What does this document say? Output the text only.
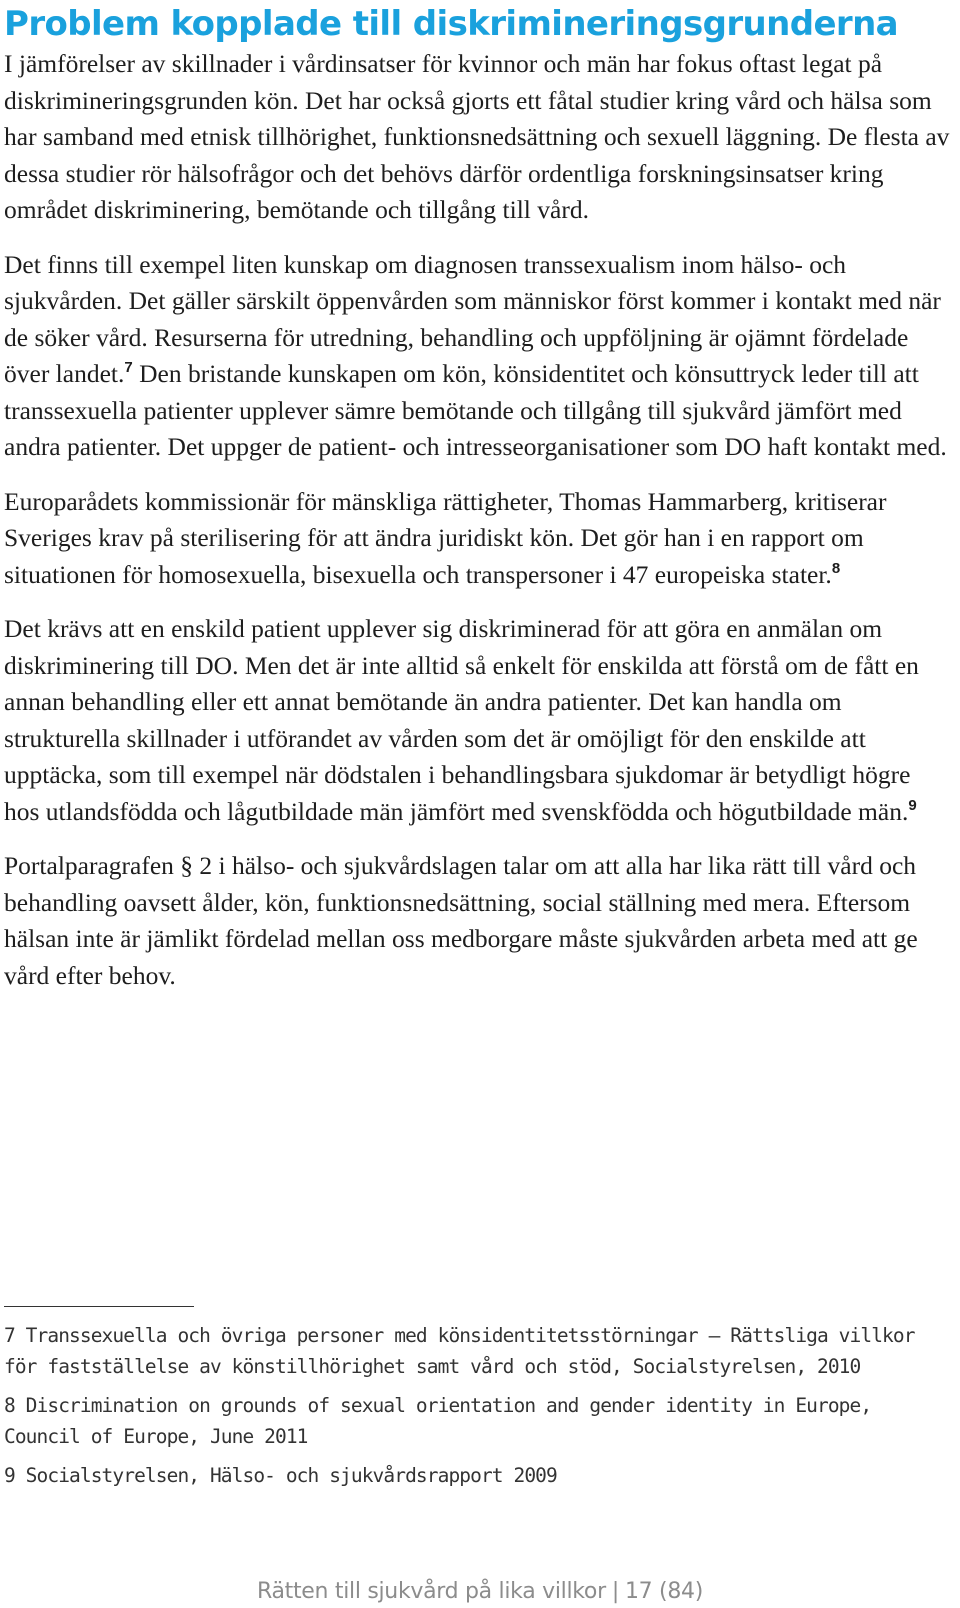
Problem kopplade till diskrimineringsgrunderna

I jämförelser av skillnader i vårdinsatser för kvinnor och män har fokus oftast legat på diskrimineringsgrunden kön. Det har också gjorts ett fåtal studier kring vård och hälsa som har samband med etnisk tillhörighet, funktionsnedsättning och sexuell läggning. De flesta av dessa studier rör hälsofrågor och det behövs därför ordentliga forskningsinsatser kring området diskriminering, bemötande och tillgång till vård.

Det finns till exempel liten kunskap om diagnosen transsexualism inom hälso- och sjukvården. Det gäller särskilt öppenvården som människor först kommer i kontakt med när de söker vård. Resurserna för utredning, behandling och uppföljning är ojämnt fördelade över landet.$^7$ Den bristande kunskapen om kön, könsidentitet och könsuttryck leder till att transsexuella patienter upplever sämre bemötande och tillgång till sjukvård jämfört med andra patienter. Det uppger de patient- och intresseorganisationer som DO haft kontakt med.

Europarådets kommissionär för mänskliga rättigheter, Thomas Hammarberg, kritiserar Sveriges krav på sterilisering för att ändra juridiskt kön. Det gör han i en rapport om situationen för homosexuella, bisexuella och transpersoner i 47 europeiska stater.$^8$

Det krävs att en enskild patient upplever sig diskriminerad för att göra en anmälan om diskriminering till DO. Men det är inte alltid så enkelt för enskilda att förstå om de fått en annan behandling eller ett annat bemötande än andra patienter. Det kan handla om strukturella skillnader i utförandet av vården som det är omöjligt för den enskilde att upptäcka, som till exempel när dödstalen i behandlingsbara sjukdomar är betydligt högre hos utlandsfödda och lågutbildade män jämfört med svenskfödda och högutbildade män.$^9$

Portalparagrafen § 2 i hälso- och sjukvårdslagen talar om att alla har lika rätt till vård och behandling oavsett ålder, kön, funktionsnedsättning, social ställning med mera. Eftersom hälsan inte är jämlikt fördelad mellan oss medborgare måste sjukvården arbeta med att ge vård efter behov.

7 Transsexuella och övriga personer med könsidentitetsstörningar – Rättsliga villkor för fastställelse av könstillhörighet samt vård och stöd, Socialstyrelsen, 2010

8 Discrimination on grounds of sexual orientation and gender identity in Europe, Council of Europe, June 2011

9 Socialstyrelsen, Hälso- och sjukvårdsrapport 2009

Rätten till sjukvård på lika villkor | 17 (84)
